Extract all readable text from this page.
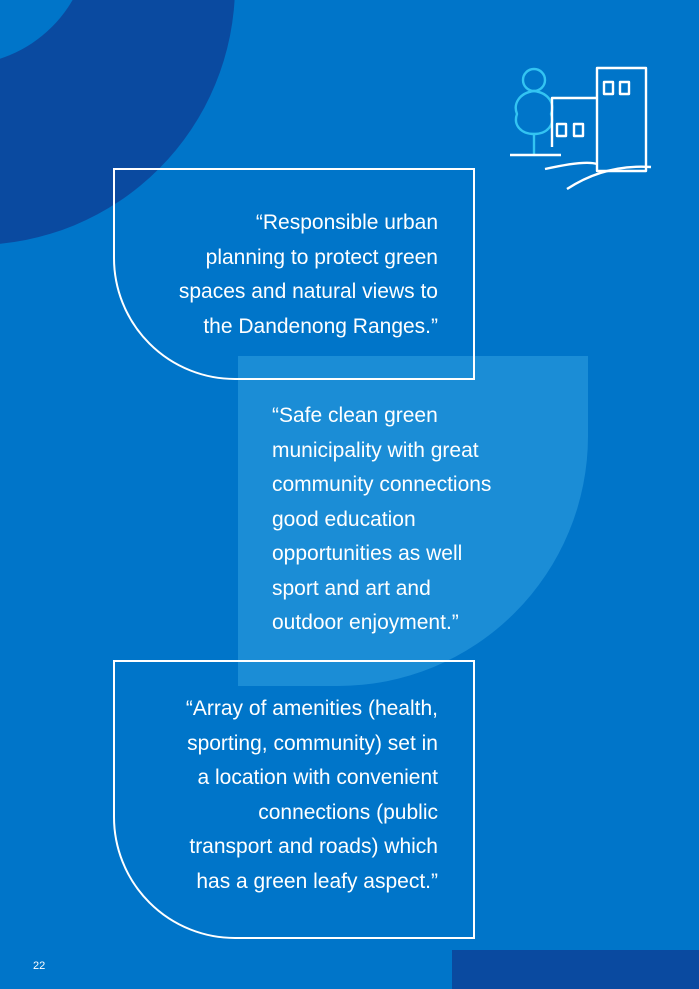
“Responsible urban
planning to protect green
spaces and natural views to
the Dandenong Ranges.”

“Safe clean green
municipality with great
community connections
good education
opportunities as well
sport and art and
outdoor enjoyment.”

“Array of amenities (health,
sporting, community) set in
a location with convenient
connections (public
transport and roads) which
has a green leafy aspect.”

22
